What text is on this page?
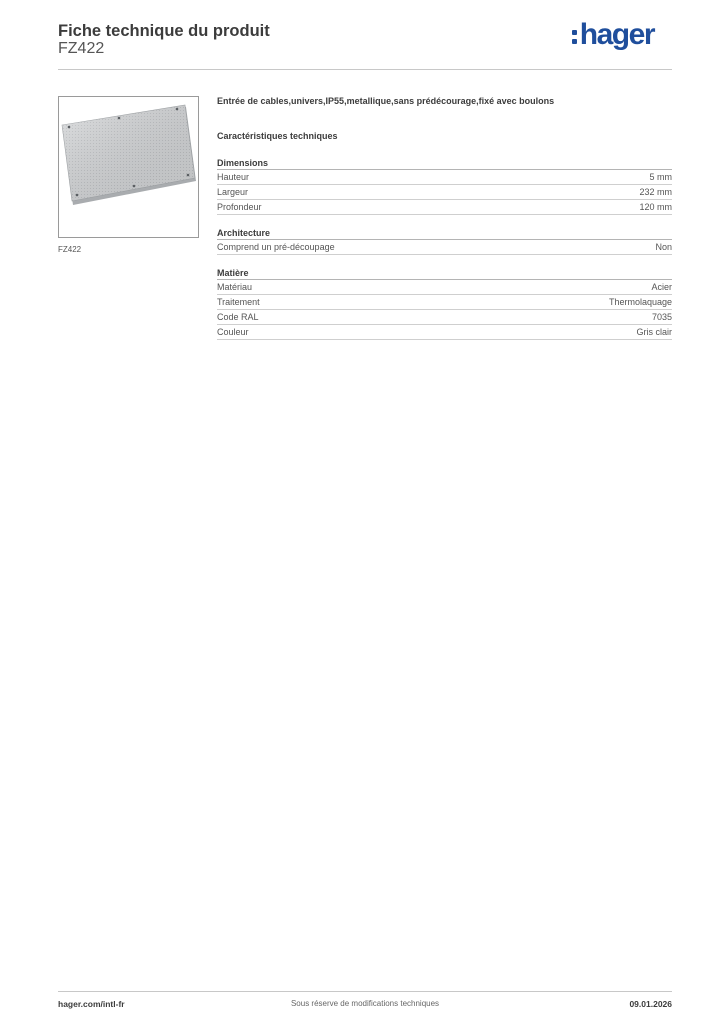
Fiche technique du produit
FZ422	hager
FZ422

Entrée de cables,univers,IP55,metallique,sans prédécourage,fixé avec boulons

Caractéristiques techniques
Dimensions
Hauteur	5 mm
Largeur	232 mm
Profondeur	120 mm
Architecture
Comprend un pré-découpage	Non
Matière
Matériau	Acier
Traitement	Thermolaquage
Code RAL	7035
Couleur	Gris clair
hager.com/intl-fr	Sous réserve de modifications techniques	09.01.2026
